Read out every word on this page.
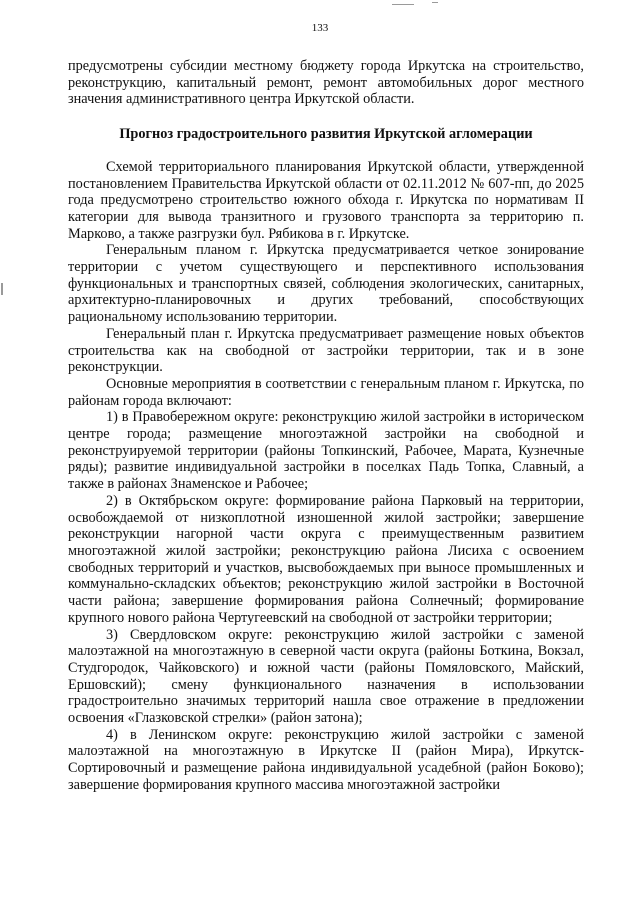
133

предусмотрены субсидии местному бюджету города Иркутска на строительство, реконструкцию, капитальный ремонт, ремонт автомобильных дорог местного значения административного центра Иркутской области.

Прогноз градостроительного развития Иркутской агломерации

Схемой территориального планирования Иркутской области, утвержденной постановлением Правительства Иркутской области от 02.11.2012 № 607-пп, до 2025 года предусмотрено строительство южного обхода г. Иркутска по нормативам II категории для вывода транзитного и грузового транспорта за территорию п. Марково, а также разгрузки бул. Рябикова в г. Иркутске.

Генеральным планом г. Иркутска предусматривается четкое зонирование территории с учетом существующего и перспективного использования функциональных и транспортных связей, соблюдения экологических, санитарных, архитектурно-планировочных и других требований, способствующих рациональному использованию территории.

Генеральный план г. Иркутска предусматривает размещение новых объектов строительства как на свободной от застройки территории, так и в зоне реконструкции.

Основные мероприятия в соответствии с генеральным планом г. Иркутска, по районам города включают:

1) в Правобережном округе: реконструкцию жилой застройки в историческом центре города; размещение многоэтажной застройки на свободной и реконструируемой территории (районы Топкинский, Рабочее, Марата, Кузнечные ряды); развитие индивидуальной застройки в поселках Падь Топка, Славный, а также в районах Знаменское и Рабочее;

2) в Октябрьском округе: формирование района Парковый на территории, освобождаемой от низкоплотной изношенной жилой застройки; завершение реконструкции нагорной части округа с преимущественным развитием многоэтажной жилой застройки; реконструкцию района Лисиха с освоением свободных территорий и участков, высвобождаемых при выносе промышленных и коммунально-складских объектов; реконструкцию жилой застройки в Восточной части района; завершение формирования района Солнечный; формирование крупного нового района Чертугеевский на свободной от застройки территории;

3) Свердловском округе: реконструкцию жилой застройки с заменой малоэтажной на многоэтажную в северной части округа (районы Боткина, Вокзал, Студгородок, Чайковского) и южной части (районы Помяловского, Майский, Ершовский); смену функционального назначения в использовании градостроительно значимых территорий нашла свое отражение в предложении освоения «Глазковской стрелки» (район затона);

4) в Ленинском округе: реконструкцию жилой застройки с заменой малоэтажной на многоэтажную в Иркутске II (район Мира), Иркутск-Сортировочный и размещение района индивидуальной усадебной (район Боково); завершение формирования крупного массива многоэтажной застройки
